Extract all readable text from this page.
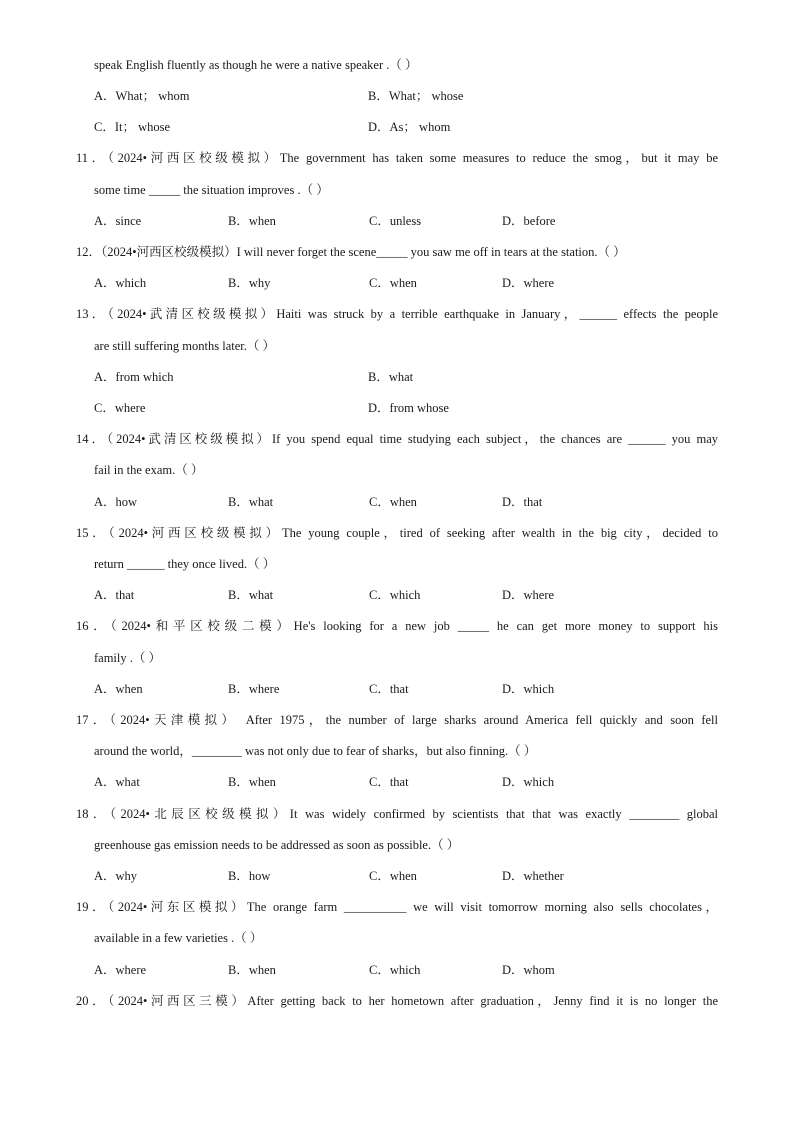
speak English fluently as though he were a native speaker .（ ）
A．What； whom	B．What； whose
C．It； whose	D．As； whom
11．（2024•河西区校级模拟）The government has taken some measures to reduce the smog，but it may be
some time _____ the situation improves .（ ）
A．since	B．when	C．unless	D．before
12．（2024•河西区校级模拟）I will never forget the scene_____ you saw me off in tears at the station.（ ）
A．which	B．why	C．when	D．where
13．（2024•武清区校级模拟）Haiti was struck by a terrible earthquake in January，______ effects the people
are still suffering months later.（ ）
A．from which	B．what
C．where	D．from whose
14．（2024•武清区校级模拟）If you spend equal time studying each subject，the chances are ______ you may
fail in the exam.（ ）
A．how	B．what	C．when	D．that
15．（2024•河西区校级模拟）The young couple，tired of seeking after wealth in the big city，decided to
return ______ they once lived.（ ）
A．that	B．what	C．which	D．where
16．（2024•和平区校级二模）He's looking for a new job _____ he can get more money to support his
family .（ ）
A．when	B．where	C．that	D．which
17．（2024•天津模拟） After 1975，the number of large sharks around America fell quickly and soon fell
around the world，________ was not only due to fear of sharks，but also finning.（ ）
A．what	B．when	C．that	D．which
18．（2024•北辰区校级模拟）It was widely confirmed by scientists that that was exactly ________ global
greenhouse gas emission needs to be addressed as soon as possible.（ ）
A．why	B．how	C．when	D．whether
19．（2024•河东区模拟）The orange farm __________ we will visit tomorrow morning also sells chocolates，
available in a few varieties .（ ）
A．where	B．when	C．which	D．whom
20．（2024•河西区三模）After getting back to her hometown after graduation，Jenny find it is no longer the
